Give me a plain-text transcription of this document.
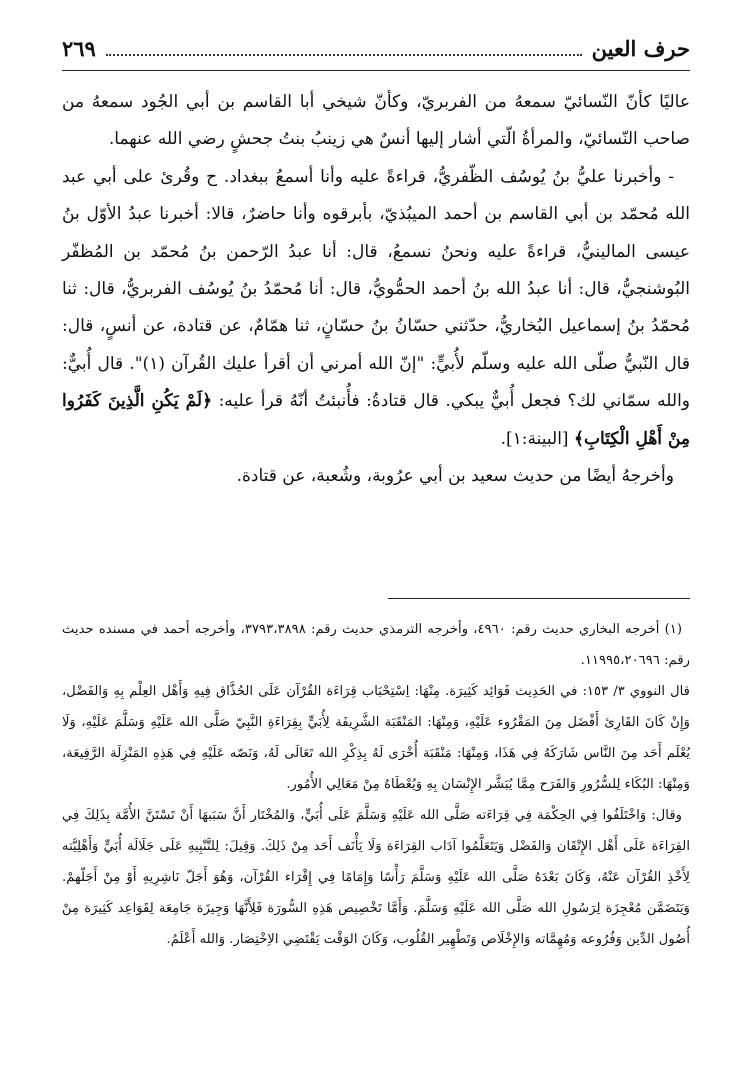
٢٦٩	حرف العين

عاليًا كأنّ النّسائيّ سمعهُ من الفربريّ، وكأنّ شيخي أبا القاسم بن أبي الجُود سمعهُ من صاحب النّسائيّ، والمرأةُ الّتي أشار إليها أنسٌ هي زينبُ بنتُ جحشٍ رضي الله عنهما.

- وأخبرنا عليُّ بنُ يُوسُف الظّفريُّ، قراءةً عليه وأنا أسمعُ ببغداد. ح وقُرئ على أبي عبد الله مُحمّد بن أبي القاسم بن أحمد الميبُذيّ، بأبرقوه وأنا حاضرٌ، قالا: أخبرنا عبدُ الأوّل بنُ عيسى المالينيُّ، قراءةً عليه ونحنُ نسمعُ، قال: أنا عبدُ الرّحمن بنُ مُحمّد بن المُظفّر البُوشنجيُّ، قال: أنا عبدُ الله بنُ أحمد الحمُّويُّ، قال: أنا مُحمّدُ بنُ يُوسُف الفربريُّ، قال: ثنا مُحمّدُ بنُ إسماعيل البُخاريُّ، حدّثني حسّانُ بنُ حسّانٍ، ثنا همّامٌ، عن قتادة، عن أنسٍ، قال: قال النّبيُّ صلّى الله عليه وسلّم لأُبيٍّ: "إنّ الله أمرني أن أقرأ عليك القُرآن (١)". قال أُبيٌّ: والله سمّاني لك؟ فجعل أُبيٌّ يبكي. قال قتادةُ: فأُنبئتُ أنّهُ قرأ عليه: ﴿لَمْ يَكُنِ الَّذِينَ كَفَرُوا مِنْ أَهْلِ الْكِتَابِ﴾ [البينة:١].

وأخرجهُ أيضًا من حديث سعيد بن أبي عرُوبة، وشُعبة، عن قتادة.

(١) أخرجه البخاري حديث رقم: ٤٩٦٠، وأخرجه الترمذي حديث رقم: ٣٧٩٣،٣٨٩٨، وأخرجه أحمد في مسنده حديث رقم: ١١٩٩٥،٢٠٦٩٦.

قال النووي ٣/ ١٥٣: في الحَدِيث فَوَائِد كَثِيرَة. مِنْهَا: اِسْتِحْبَاب قِرَاءَة القُرْآن عَلَى الحُذَّاق فِيهِ وَأَهْل العِلْم بِهِ وَالفَضْل، وَإِنْ كَانَ القَارِئ أَفْضَل مِنَ المَقْرُوء عَلَيْهِ، وَمِنْهَا: المَنْقَبَة الشَّرِيفَة لِأُبَيٍّ بِقِرَاءَةِ النَّبِيّ صَلَّى الله عَلَيْهِ وَسَلَّمَ عَلَيْهِ، وَلَا يُعْلَم أَحَد مِنَ النَّاس شَارَكَهُ فِي هَذَا، وَمِنْهَا: مَنْقَبَة أُخْرَى لَهُ بِذِكْرِ الله تَعَالَى لَهُ، وَنَصّه عَلَيْهِ فِي هَذِهِ المَنْزِلَة الرَّفِيعَة، وَمِنْهَا: البُكَاء لِلسُّرُورِ وَالفَرَح مِمَّا يُبَشَّر الإِنْسَان بِهِ وَيُعْطَاهُ مِنْ مَعَالِي الأُمُور.

وقال: وَاخْتَلَفُوا فِي الحِكْمَة فِي قِرَاءَته صَلَّى الله عَلَيْهِ وَسَلَّمَ عَلَى أُبَيٍّ، وَالمُخْتَار أَنَّ سَبَبهَا أَنْ تَسْتَنَّ الأُمَّة بِذَلِكَ فِي القِرَاءَة عَلَى أَهْل الإِتْقَان وَالفَضْل وَيَتَعَلَّمُوا آدَاب القِرَاءَة وَلَا يَأْنَف أَحَد مِنْ ذَلِكَ. وَقِيلَ: لِلتَّنْبِيهِ عَلَى جَلَالَة أُبَيٍّ وَأَهْلِيَّته لِأَخْذِ القُرْآن عَنْهُ، وَكَانَ بَعْدَهُ صَلَّى الله عَلَيْهِ وَسَلَّمَ رَأْسًا وَإِمَامًا فِي إِقْرَاء القُرْآن، وَهُوَ أَجَلّ نَاشِرِيهِ أَوْ مِنْ أَجَلّهمْ. وَيَتَضَمَّن مُعْجِزَة لِرَسُولِ الله صَلَّى الله عَلَيْهِ وَسَلَّمَ. وَأَمَّا تَخْصِيص هَذِهِ السُّورَة فَلِأَنَّهَا وَجِيزَة جَامِعَة لِقَوَاعِد كَثِيرَة مِنْ أُصُول الدِّين وَفُرُوعه وَمُهِمَّاته وَالإِخْلَاص وَتَطْهِير القُلُوب، وَكَانَ الوَقْت يَقْتَضِي الاِخْتِصَار. وَالله أَعْلَمُ.
